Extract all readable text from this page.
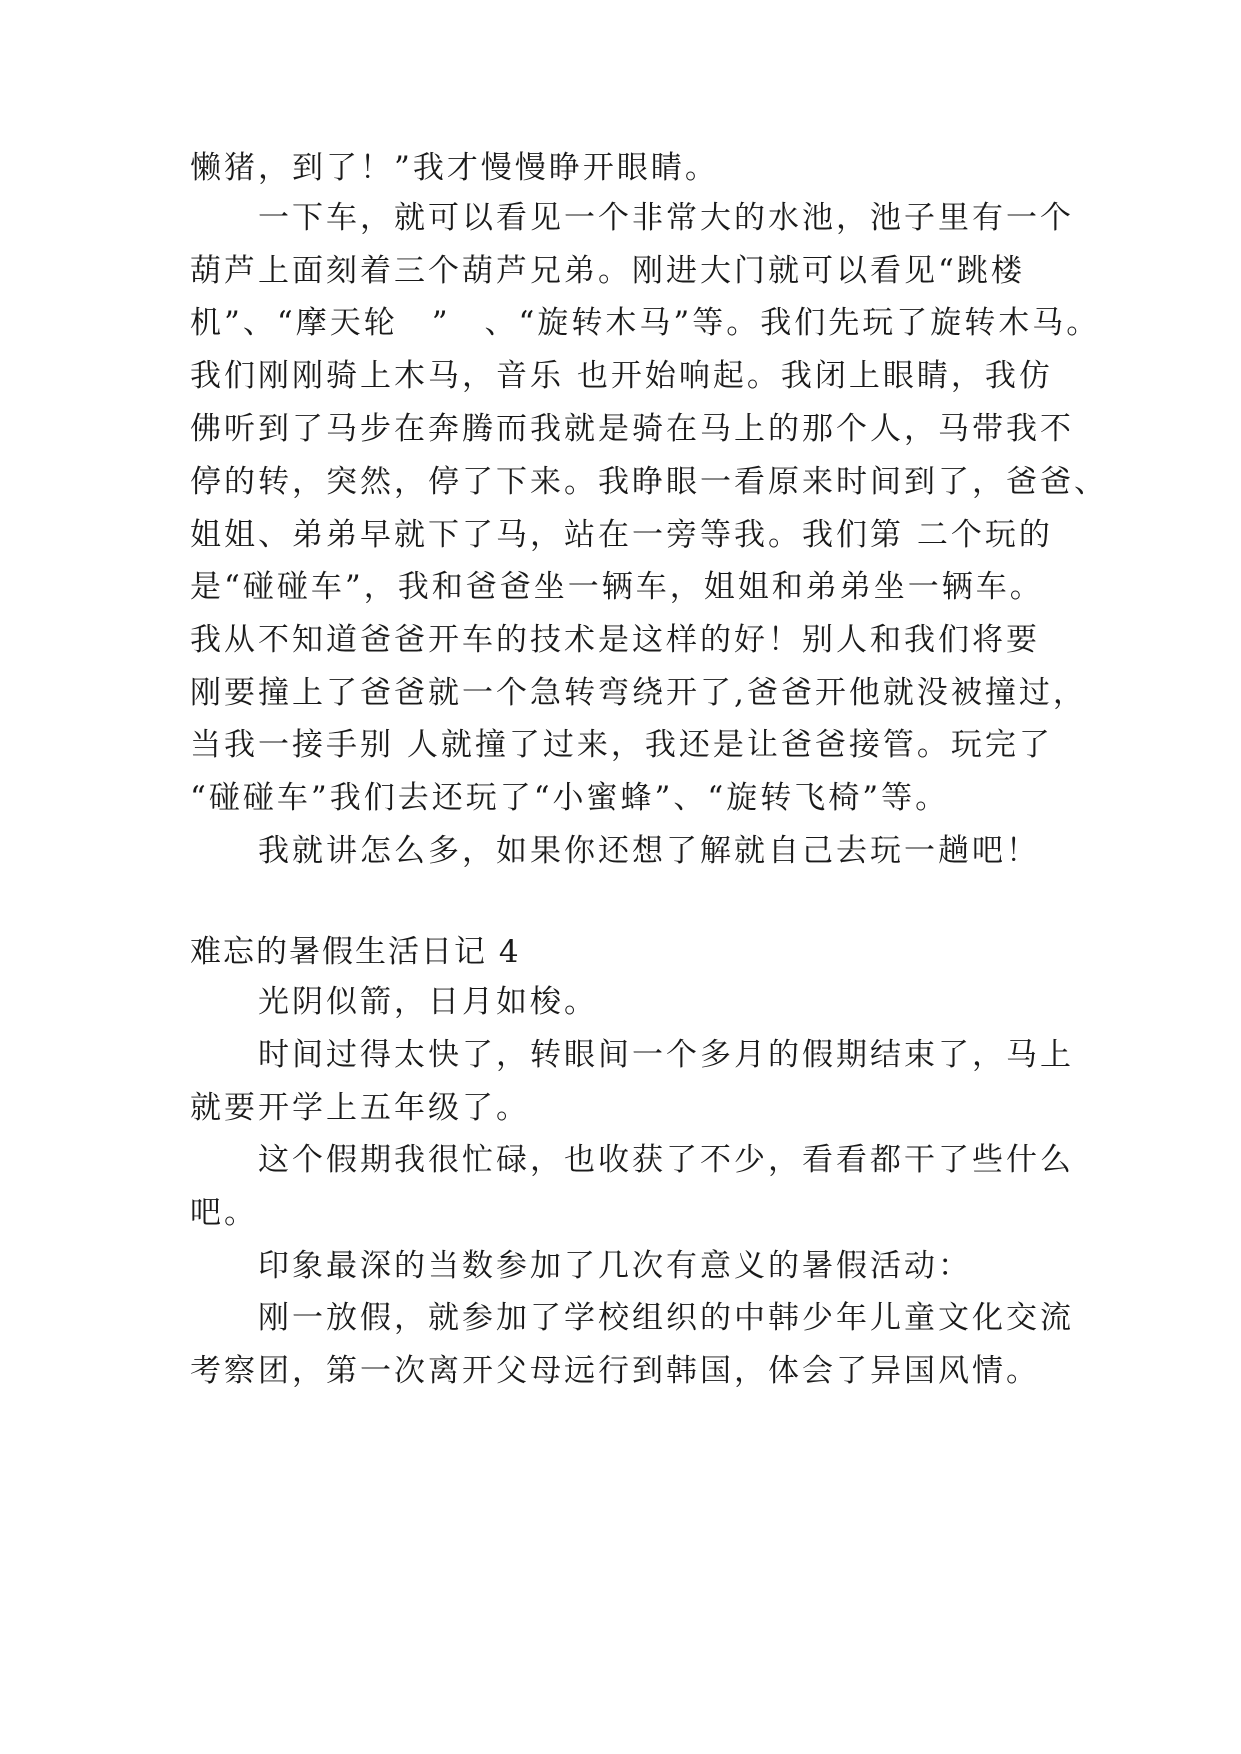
懒猪，到了！”我才慢慢睁开眼睛。
　　一下车，就可以看见一个非常大的水池，池子里有一个
葫芦上面刻着三个葫芦兄弟。刚进大门就可以看见“跳楼
机”、“摩天轮　”　、“旋转木马”等。我们先玩了旋转木马。
我们刚刚骑上木马，音乐 也开始响起。我闭上眼睛，我仿
佛听到了马步在奔腾而我就是骑在马上的那个人，马带我不
停的转，突然，停了下来。我睁眼一看原来时间到了，爸爸、
姐姐、弟弟早就下了马，站在一旁等我。我们第 二个玩的
是“碰碰车”，我和爸爸坐一辆车，姐姐和弟弟坐一辆车。
我从不知道爸爸开车的技术是这样的好！别人和我们将要
刚要撞上了爸爸就一个急转弯绕开了,爸爸开他就没被撞过，
当我一接手别 人就撞了过来，我还是让爸爸接管。玩完了
“碰碰车”我们去还玩了“小蜜蜂”、“旋转飞椅”等。
　　我就讲怎么多，如果你还想了解就自己去玩一趟吧！
难忘的暑假生活日记 4
　　光阴似箭，日月如梭。
　　时间过得太快了，转眼间一个多月的假期结束了，马上
就要开学上五年级了。
　　这个假期我很忙碌，也收获了不少，看看都干了些什么
吧。
　　印象最深的当数参加了几次有意义的暑假活动：
　　刚一放假，就参加了学校组织的中韩少年儿童文化交流
考察团，第一次离开父母远行到韩国，体会了异国风情。
